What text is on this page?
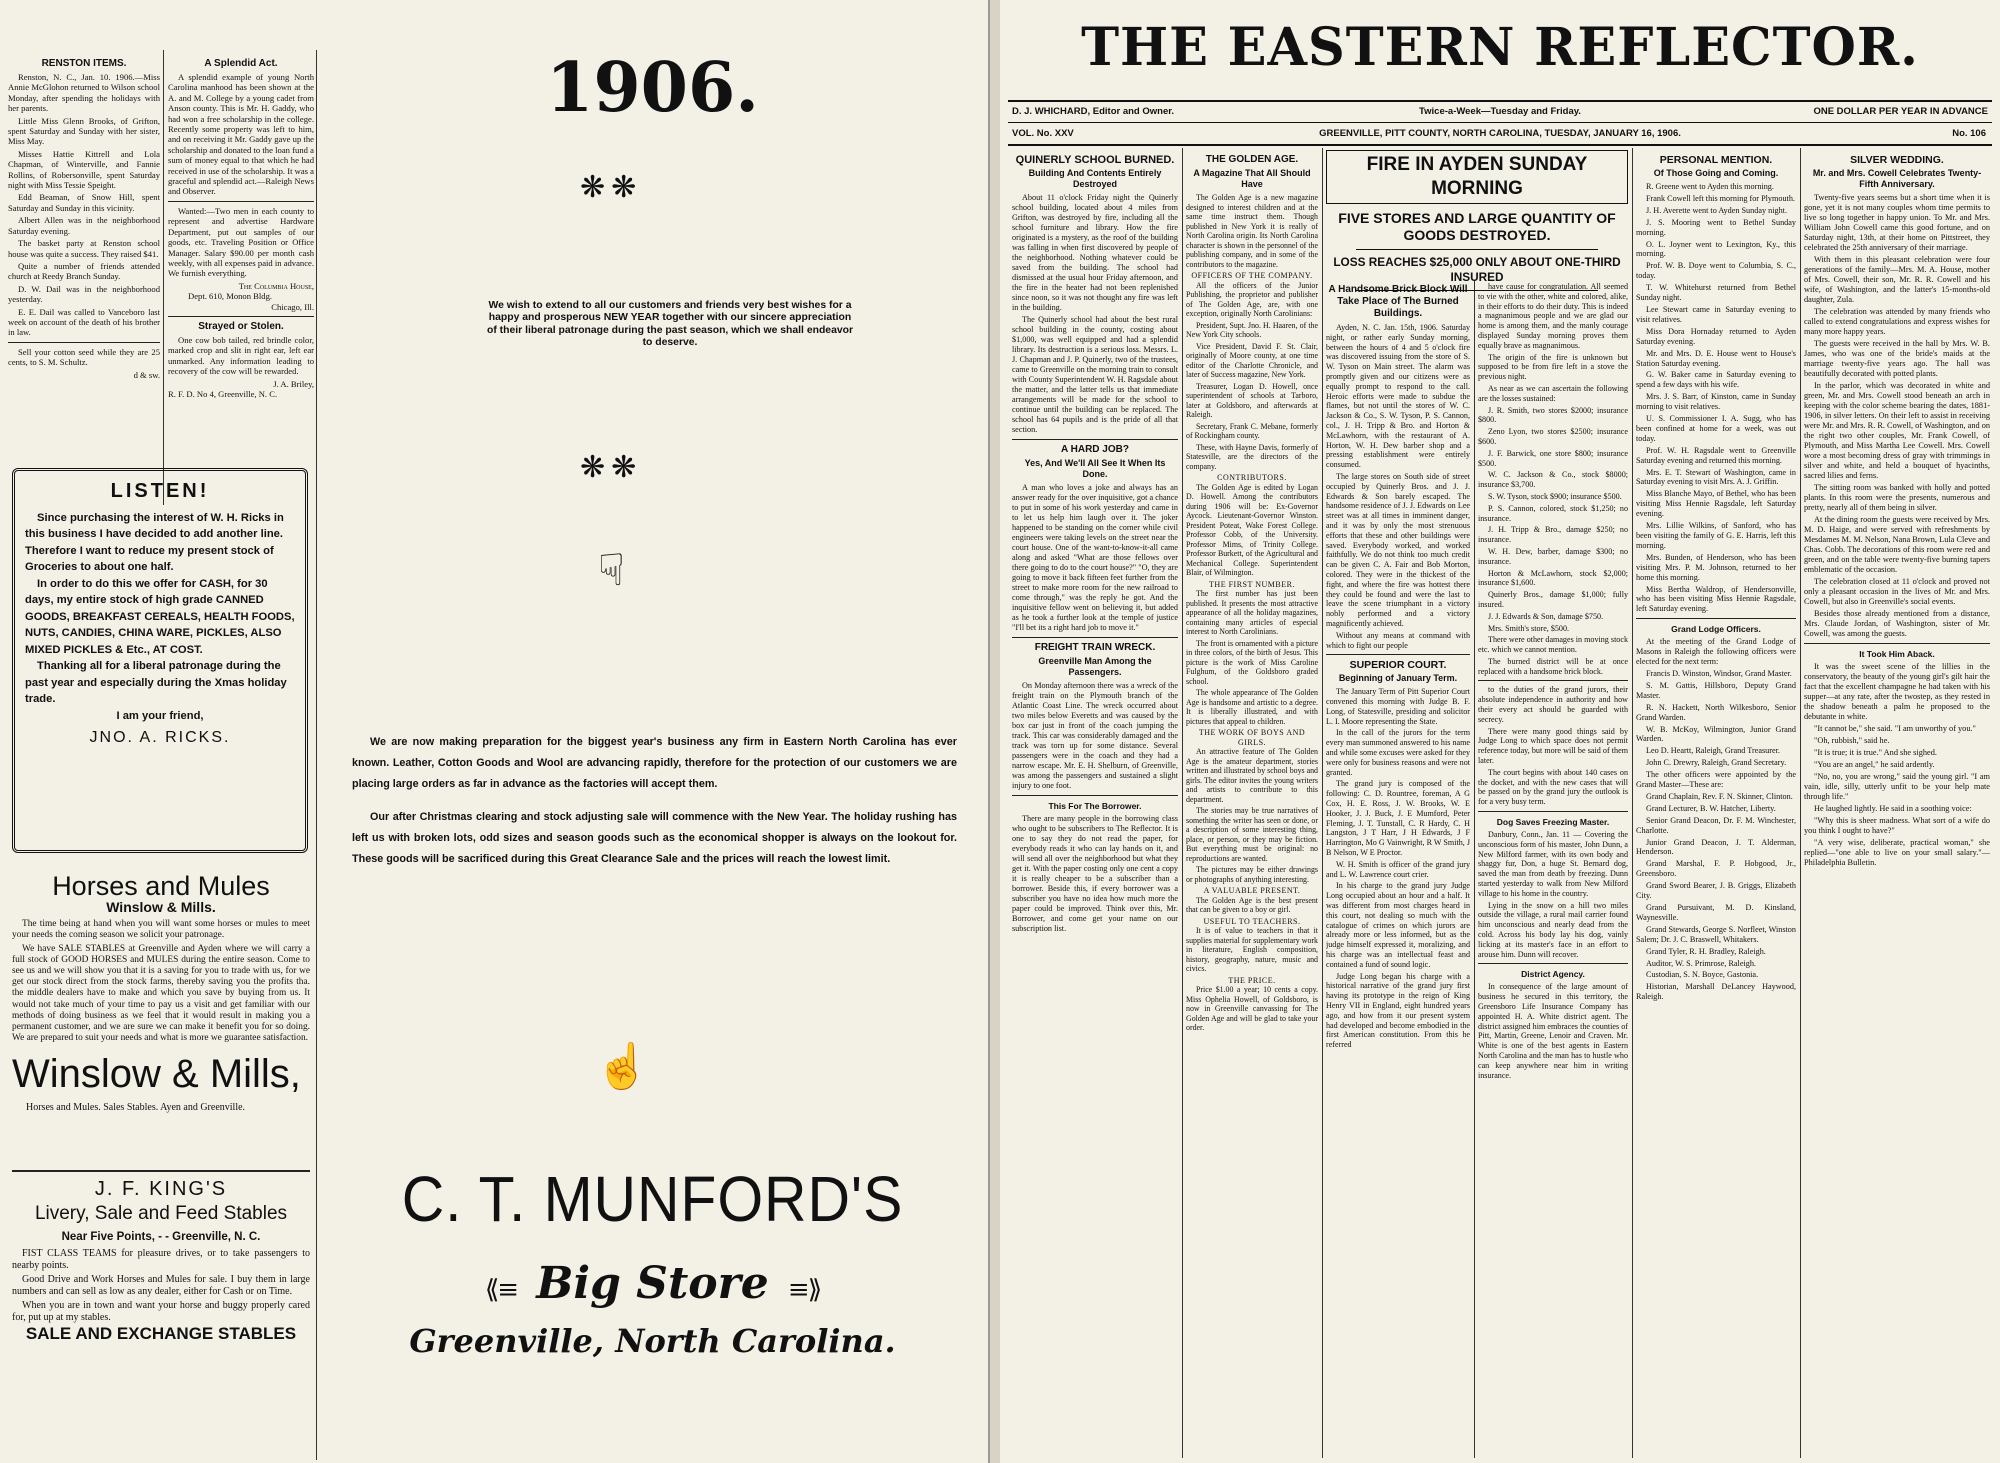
RENSTON ITEMS.

Renston, N. C., Jan. 10. 1906.—Miss Annie McGlohon returned to Wilson school Monday, after spending the holidays with her parents.

Little Miss Glenn Brooks, of Grifton, spent Saturday and Sunday with her sister, Miss May.

Misses Hattie Kittrell and Lola Chapman, of Winterville, and Fannie Rollins, of Robersonville, spent Saturday night with Miss Tessie Speight.

Edd Beaman, of Snow Hill, spent Saturday and Sunday in this vicinity.

Albert Allen was in the neighborhood Saturday evening.

The basket party at Renston school house was quite a success. They raised $41.

Quite a number of friends attended church at Reedy Branch Sunday.

D. W. Dail was in the neighborhood yesterday.

E. E. Dail was called to Vanceboro last week on account of the death of his brother in law.

Sell your cotton seed while they are 25 cents, to S. M. Schultz.

d & sw.
A Splendid Act.

A splendid example of young North Carolina manhood has been shown at the A. and M. College by a young cadet from Anson county. This is Mr. H. Gaddy, who had won a free scholarship in the college. Recently some property was left to him, and on receiving it Mr. Gaddy gave up the scholarship and donated to the loan fund a sum of money equal to that which he had received in use of the scholarship. It was a graceful and splendid act.—Raleigh News and Observer.

Wanted:—Two men in each county to represent and advertise Hardware Department, put out samples of our goods, etc. Traveling Position or Office Manager. Salary $90.00 per month cash weekly, with all expenses paid in advance. We furnish everything.

The Columbia House,
Dept. 610, Monon Bldg.
Chicago, Ill.
Strayed or Stolen.

One cow bob tailed, red brindle color, marked crop and slit in right ear, left ear unmarked. Any information leading to recovery of the cow will be rewarded.

J. A. Briley,
R. F. D. No 4, Greenville, N. C.
LISTEN!

Since purchasing the interest of W. H. Ricks in this business I have decided to add another line. Therefore I want to reduce my present stock of Groceries to about one half.

In order to do this we offer for CASH, for 30 days, my entire stock of high grade CANNED GOODS, BREAKFAST CEREALS, HEALTH FOODS, NUTS, CANDIES, CHINA WARE, PICKLES, ALSO MIXED PICKLES & Etc., AT COST.

Thanking all for a liberal patronage during the past year and especially during the Xmas holiday trade.

I am your friend,

JNO. A. RICKS.
Horses and Mules
Winslow & Mills.

The time being at hand when you will want some horses or mules to meet your needs the coming season we solicit your patronage.

We have SALE STABLES at Greenville and Ayden where we will carry a full stock of GOOD HORSES and MULES during the entire season. Come to see us and we will show you that it is a saving for you to trade with us, for we get our stock direct from the stock farms, thereby saving you the profits tha. the middle dealers have to make and which you save by buying from us. It would not take much of your time to pay us a visit and get familiar with our methods of doing business as we feel that it would result in making you a permanent customer, and we are sure we can make it benefit you for so doing. We are prepared to suit your needs and what is more we guarantee satisfaction.

Winslow & Mills,
Horses and Mules. Sales Stables. Ayen and Greenville.
J. F. KING'S
Livery, Sale and Feed Stables
Near Five Points, - - Greenville, N. C.

FIST CLASS TEAMS for pleasure drives, or to take passengers to nearby points.

Good Drive and Work Horses and Mules for sale. I buy them in large numbers and can sell as low as any dealer, either for Cash or on Time.

When you are in town and want your horse and buggy properly cared for, put up at my stables.

SALE AND EXCHANGE STABLES
1906.
❋❋
We wish to extend to all our customers and friends very best wishes for a happy and prosperous NEW YEAR together with our sincere appreciation of their liberal patronage during the past season, which we shall endeavor to deserve.
❋❋
☟

We are now making preparation for the biggest year's business any firm in Eastern North Carolina has ever known. Leather, Cotton Goods and Wool are advancing rapidly, therefore for the protection of our customers we are placing large orders as far in advance as the factories will accept them.

Our after Christmas clearing and stock adjusting sale will commence with the New Year. The holiday rushing has left us with broken lots, odd sizes and season goods such as the economical shopper is always on the lookout for. These goods will be sacrificed during this Great Clearance Sale and the prices will reach the lowest limit.

☝
C. T. MUNFORD'S
⟪≡ Big Store ≡⟫
Greenville, North Carolina.
THE EASTERN REFLECTOR.
D. J. WHICHARD, Editor and Owner.	Twice-a-Week—Tuesday and Friday.	ONE DOLLAR PER YEAR IN ADVANCE
VOL. No. XXV	GREENVILLE, PITT COUNTY, NORTH CAROLINA, TUESDAY, JANUARY 16, 1906.	No. 106
QUINERLY SCHOOL BURNED.
Building And Contents Entirely Destroyed

About 11 o'clock Friday night the Quinerly school building, located about 4 miles from Grifton, was destroyed by fire, including all the school furniture and library. How the fire originated is a mystery, as the roof of the building was falling in when first discovered by people of the neighborhood. Nothing whatever could be saved from the building. The school had dismissed at the usual hour Friday afternoon, and the fire in the heater had not been replenished since noon, so it was not thought any fire was left in the building.

The Quinerly school had about the best rural school building in the county, costing about $1,000, was well equipped and had a splendid library. Its destruction is a serious loss. Messrs. L. J. Chapman and J. P. Quinerly, two of the trustees, came to Greenville on the morning train to consult with County Superintendent W. H. Ragsdale about the matter, and the latter tells us that immediate arrangements will be made for the school to continue until the building can be replaced. The school has 64 pupils and is the pride of all that section.

A HARD JOB?
Yes, And We'll All See It When Its Done.

A man who loves a joke and always has an answer ready for the over inquisitive, got a chance to put in some of his work yesterday and came in to let us help him laugh over it. The joker happened to be standing on the corner while civil engineers were taking levels on the street near the court house. One of the want-to-know-it-all came along and asked "What are those fellows over there going to do to the court house?" "O, they are going to move it back fifteen feet further from the street to make more room for the new railroad to come through," was the reply he got. And the inquisitive fellow went on believing it, but added as he took a further look at the temple of justice "I'll bet its a right hard job to move it."

FREIGHT TRAIN WRECK.
Greenville Man Among the Passengers.

On Monday afternoon there was a wreck of the freight train on the Plymouth branch of the Atlantic Coast Line. The wreck occurred about two miles below Everetts and was caused by the box car just in front of the coach jumping the track. This car was considerably damaged and the track was torn up for some distance. Several passengers were in the coach and they had a narrow escape. Mr. E. H. Shelburn, of Greenville, was among the passengers and sustained a slight injury to one foot.

This For The Borrower.

There are many people in the borrowing class who ought to be subscribers to The Reflector. It is one to say they do not read the paper, for everybody reads it who can lay hands on it, and will send all over the neighborhood but what they get it. With the paper costing only one cent a copy it is really cheaper to be a subscriber than a borrower. Beside this, if every borrower was a subscriber you have no idea how much more the paper could be improved. Think over this, Mr. Borrower, and come get your name on our subscription list.

THE GOLDEN AGE.
A Magazine That All Should Have

The Golden Age is a new magazine designed to interest children and at the same time instruct them. Though published in New York it is really of North Carolina origin. Its North Carolina character is shown in the personnel of the publishing company, and in some of the contributors to the magazine.

OFFICERS OF THE COMPANY.

All the officers of the Junior Publishing, the proprietor and publisher of The Golden Age, are, with one exception, originally North Carolinians:

President, Supt. Jno. H. Haaren, of the New York City schools.

Vice President, David F. St. Clair, originally of Moore county, at one time editor of the Charlotte Chronicle, and later of Success magazine, New York.

Treasurer, Logan D. Howell, once superintendent of schools at Tarboro, later at Goldsboro, and afterwards at Raleigh.

Secretary, Frank C. Mebane, formerly of Rockingham county.

These, with Hayne Davis, formerly of Statesville, are the directors of the company.

CONTRIBUTORS.

The Golden Age is edited by Logan D. Howell. Among the contributors during 1906 will be: Ex-Governor Aycock. Lieutenant-Governor Winston. President Poteat, Wake Forest College. Professor Cobb, of the University. Professor Mims, of Trinity College. Professor Burkett, of the Agricultural and Mechanical College. Superintendent Blair, of Wilmington.

THE FIRST NUMBER.

The first number has just been published. It presents the most attractive appearance of all the holiday magazines, containing many articles of especial interest to North Carolinians.

The front is ornamented with a picture in three colors, of the birth of Jesus. This picture is the work of Miss Caroline Fulghum, of the Goldsboro graded school.

The whole appearance of The Golden Age is handsome and artistic to a degree. It is liberally illustrated, and with pictures that appeal to children.

THE WORK OF BOYS AND GIRLS.

An attractive feature of The Golden Age is the amateur department, stories written and illustrated by school boys and girls. The editor invites the young writers and artists to contribute to this department.

The stories may be true narratives of something the writer has seen or done, or a description of some interesting thing, place, or person, or they may be fiction. But everything must be original: no reproductions are wanted.

The pictures may be either drawings or photographs of anything interesting.

A VALUABLE PRESENT.

The Golden Age is the best present that can be given to a boy or girl.

USEFUL TO TEACHERS.

It is of value to teachers in that it supplies material for supplementary work in literature, English composition, history, geography, nature, music and civics.

THE PRICE.

Price $1.00 a year; 10 cents a copy. Miss Ophelia Howell, of Goldsboro, is now in Greenville canvassing for The Golden Age and will be glad to take your order.

FIRE IN AYDEN SUNDAY MORNING
FIVE STORES AND LARGE QUANTITY OF GOODS DESTROYED.
LOSS REACHES $25,000 ONLY ABOUT ONE-THIRD INSURED
A Handsome Brick Block Will Take Place of The Burned Buildings.

Ayden, N. C. Jan. 15th, 1906. Saturday night, or rather early Sunday morning, between the hours of 4 and 5 o'clock fire was discovered issuing from the store of S. W. Tyson on Main street. The alarm was promptly given and our citizens were as equally prompt to respond to the call. Heroic efforts were made to subdue the flames, but not until the stores of W. C. Jackson & Co., S. W. Tyson, P. S. Cannon, col., J. H. Tripp & Bro. and Horton & McLawhorn, with the restaurant of A. Horton, W. H. Dew barber shop and a pressing establishment were entirely consumed.

The large stores on South side of street occupied by Quinerly Bros. and J. J. Edwards & Son barely escaped. The handsome residence of J. J. Edwards on Lee street was at all times in imminent danger, and it was by only the most strenuous efforts that these and other buildings were saved. Everybody worked, and worked faithfully. We do not think too much credit can be given C. A. Fair and Bob Morton, colored. They were in the thickest of the fight, and where the fire was hottest there they could be found and were the last to leave the scene triumphant in a victory nobly performed and a victory magnificently achieved.

Without any means at command with which to fight our people

SUPERIOR COURT.
Beginning of January Term.

The January Term of Pitt Superior Court convened this morning with Judge B. F. Long, of Statesville, presiding and solicitor L. I. Moore representing the State.

In the call of the jurors for the term every man summoned answered to his name and while some excuses were asked for they were only for business reasons and were not granted.

The grand jury is composed of the following: C. D. Rountree, foreman, A G Cox, H. E. Ross, J. W. Brooks, W. E Hooker, J. J. Buck, J. E Mumford, Peter Fleming, J. T. Tunstall, C. R Hardy, C. H Langston, J T Harr, J H Edwards, J F Harrington, Mo G Vainwright, R W Smith, J B Nelson, W E Proctor.

W. H. Smith is officer of the grand jury and L. W. Lawrence court crier.

In his charge to the grand jury Judge Long occupied about an hour and a half. It was different from most charges heard in this court, not dealing so much with the catalogue of crimes on which jurors are already more or less informed, but as the judge himself expressed it, moralizing, and his charge was an intellectual feast and contained a fund of sound logic.

Judge Long began his charge with a historical narrative of the grand jury first having its prototype in the reign of King Henry VII in England, eight hundred years ago, and how from it our present system had developed and become embodied in the first American constitution. From this he referred

have cause for congratulation. All seemed to vie with the other, white and colored, alike, in their efforts to do their duty. This is indeed a magnanimous people and we are glad our home is among them, and the manly courage displayed Sunday morning proves them equally brave as magnanimous.

The origin of the fire is unknown but supposed to be from fire left in a stove the previous night.

As near as we can ascertain the following are the losses sustained:

J. R. Smith, two stores $2000; insurance $800.

Zeno Lyon, two stores $2500; insurance $600.

J. F. Barwick, one store $800; insurance $500.

W. C. Jackson & Co., stock $8000; insurance $3,700.

S. W. Tyson, stock $900; insurance $500.

P. S. Cannon, colored, stock $1,250; no insurance.

J. H. Tripp & Bro., damage $250; no insurance.

W. H. Dew, barber, damage $300; no insurance.

Horton & McLawhorn, stock $2,000; insurance $1,600.

Quinerly Bros., damage $1,000; fully insured.

J. J. Edwards & Son, damage $750.

Mrs. Smith's store, $500.

There were other damages in moving stock etc. which we cannot mention.

The burned district will be at once replaced with a handsome brick block.

to the duties of the grand jurors, their absolute independence in authority and how their every act should be guarded with secrecy.

There were many good things said by Judge Long to which space does not permit reference today, but more will be said of them later.

The court begins with about 140 cases on the docket, and with the new cases that will be passed on by the grand jury the outlook is for a very busy term.

Dog Saves Freezing Master.

Danbury, Conn., Jan. 11 — Covering the unconscious form of his master, John Dunn, a New Milford farmer, with its own body and shaggy fur, Don, a huge St. Bernard dog, saved the man from death by freezing. Dunn started yesterday to walk from New Milford village to his home in the country.

Lying in the snow on a hill two miles outside the village, a rural mail carrier found him unconscious and nearly dead from the cold. Across his body lay his dog, vainly licking at its master's face in an effort to arouse him. Dunn will recover.

District Agency.

In consequence of the large amount of business he secured in this territory, the Greensboro Life Insurance Company has appointed H. A. White district agent. The district assigned him embraces the counties of Pitt, Martin, Greene, Lenoir and Craven. Mr. White is one of the best agents in Eastern North Carolina and the man has to hustle who can keep anywhere near him in writing insurance.

PERSONAL MENTION.
Of Those Going and Coming.

R. Greene went to Ayden this morning.

Frank Cowell left this morning for Plymouth.

J. H. Averette went to Ayden Sunday night.

J. S. Mooring went to Bethel Sunday morning.

O. L. Joyner went to Lexington, Ky., this morning.

Prof. W. B. Doye went to Columbia, S. C., today.

T. W. Whitehurst returned from Bethel Sunday night.

Lee Stewart came in Saturday evening to visit relatives.

Miss Dora Hornaday returned to Ayden Saturday evening.

Mr. and Mrs. D. E. House went to House's Station Saturday evening.

G. W. Baker came in Saturday evening to spend a few days with his wife.

Mrs. J. S. Barr, of Kinston, came in Sunday morning to visit relatives.

U. S. Commissioner I. A. Sugg, who has been confined at home for a week, was out today.

Prof. W. H. Ragsdale went to Greenville Saturday evening and returned this morning.

Mrs. E. T. Stewart of Washington, came in Saturday evening to visit Mrs. A. J. Griffin.

Miss Blanche Mayo, of Bethel, who has been visiting Miss Hennie Ragsdale, left Saturday evening.

Mrs. Lillie Wilkins, of Sanford, who has been visiting the family of G. E. Harris, left this morning.

Mrs. Bunden, of Henderson, who has been visiting Mrs. P. M. Johnson, returned to her home this morning.

Miss Bertha Waldrop, of Hendersonville, who has been visiting Miss Hennie Ragsdale, left Saturday evening.

Grand Lodge Officers.

At the meeting of the Grand Lodge of Masons in Raleigh the following officers were elected for the next term:

Francis D. Winston, Windsor, Grand Master.

S. M. Gattis, Hillsboro, Deputy Grand Master.

R. N. Hackett, North Wilkesboro, Senior Grand Warden.

W. B. McKoy, Wilmington, Junior Grand Warden.

Leo D. Heartt, Raleigh, Grand Treasurer.

John C. Drewry, Raleigh, Grand Secretary.

The other officers were appointed by the Grand Master—These are:

Grand Chaplain, Rev. F. N. Skinner, Clinton.

Grand Lecturer, B. W. Hatcher, Liberty.

Senior Grand Deacon, Dr. F. M. Winchester, Charlotte.

Junior Grand Deacon, J. T. Alderman, Henderson.

Grand Marshal, F. P. Hobgood, Jr., Greensboro.

Grand Sword Bearer, J. B. Griggs, Elizabeth City.

Grand Pursuivant, M. D. Kinsland, Waynesville.

Grand Stewards, George S. Norfleet, Winston Salem; Dr. J. C. Braswell, Whitakers.

Grand Tyler, R. H. Bradley, Raleigh.

Auditor, W. S. Primrose, Raleigh.

Custodian, S. N. Boyce, Gastonia.

Historian, Marshall DeLancey Haywood, Raleigh.

SILVER WEDDING.
Mr. and Mrs. Cowell Celebrates Twenty-Fifth Anniversary.

Twenty-five years seems but a short time when it is gone, yet it is not many couples whom time permits to live so long together in happy union. To Mr. and Mrs. William John Cowell came this good fortune, and on Saturday night, 13th, at their home on Pittstreet, they celebrated the 25th anniversary of their marriage.

With them in this pleasant celebration were four generations of the family—Mrs. M. A. House, mother of Mrs. Cowell, their son, Mr. R. R. Cowell and his wife, of Washington, and the latter's 15-months-old daughter, Zula.

The celebration was attended by many friends who called to extend congratulations and express wishes for many more happy years.

The guests were received in the hall by Mrs. W. B. James, who was one of the bride's maids at the marriage twenty-five years ago. The hall was beautifully decorated with potted plants.

In the parlor, which was decorated in white and green, Mr. and Mrs. Cowell stood beneath an arch in keeping with the color scheme bearing the dates, 1881-1906, in silver letters. On their left to assist in receiving were Mr. and Mrs. R. R. Cowell, of Washington, and on the right two other couples, Mr. Frank Cowell, of Plymouth, and Miss Martha Lee Cowell. Mrs. Cowell wore a most becoming dress of gray with trimmings in silver and white, and held a bouquet of hyacinths, sacred lilies and ferns.

The sitting room was banked with holly and potted plants. In this room were the presents, numerous and pretty, nearly all of them being in silver.

At the dining room the guests were received by Mrs. M. D. Haige, and were served with refreshments by Mesdames M. M. Nelson, Nana Brown, Lula Cleve and Chas. Cobb. The decorations of this room were red and green, and on the table were twenty-five burning tapers emblematic of the occasion.

The celebration closed at 11 o'clock and proved not only a pleasant occasion in the lives of Mr. and Mrs. Cowell, but also in Greenville's social events.

Besides those already mentioned from a distance, Mrs. Claude Jordan, of Washington, sister of Mr. Cowell, was among the guests.

It Took Him Aback.

It was the sweet scene of the lillies in the conservatory, the beauty of the young girl's gilt hair the fact that the excellent champagne he had taken with his supper—at any rate, after the twostep, as they rested in the shadow beneath a palm he proposed to the debutante in white.

"It cannot be," she said. "I am unworthy of you."

"Oh, rubbish," said he.

"It is true; it is true." And she sighed.

"You are an angel," he said ardently.

"No, no, you are wrong," said the young girl. "I am vain, idle, silly, utterly unfit to be your help mate through life."

He laughed lightly. He said in a soothing voice:

"Why this is sheer madness. What sort of a wife do you think I ought to have?"

"A very wise, deliberate, practical woman," she replied—"one able to live on your small salary."—Philadelphia Bulletin.
